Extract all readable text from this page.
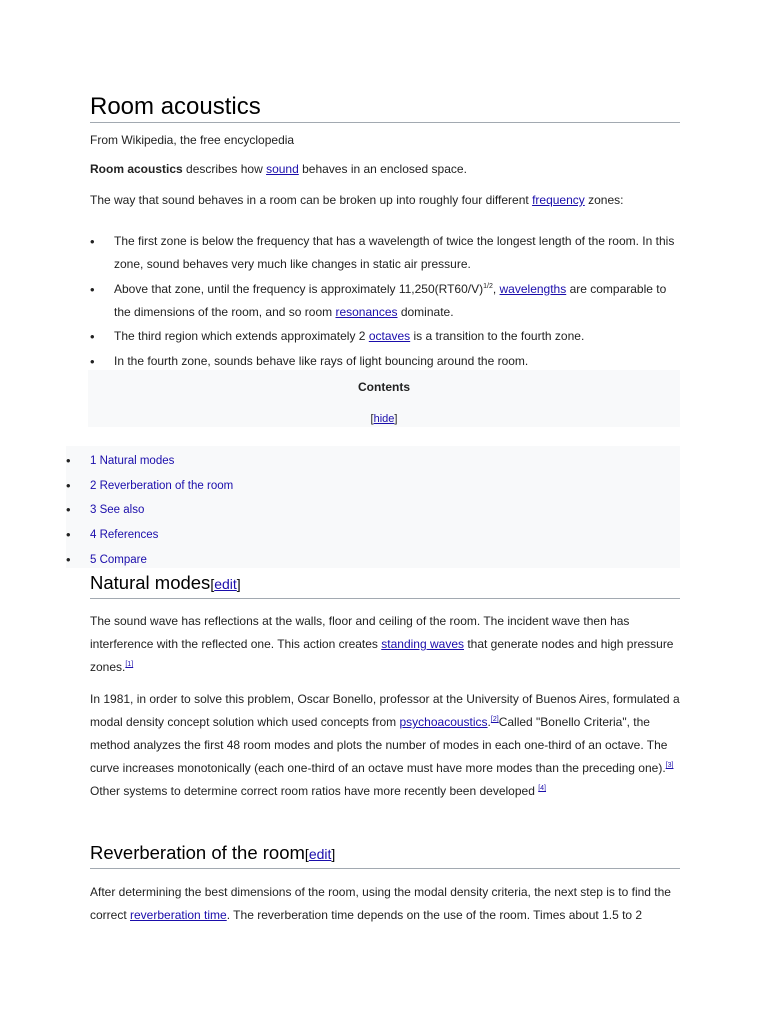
Room acoustics
From Wikipedia, the free encyclopedia

Room acoustics describes how sound behaves in an enclosed space.

The way that sound behaves in a room can be broken up into roughly four different frequency zones:

• The first zone is below the frequency that has a wavelength of twice the longest length of the room. In this zone, sound behaves very much like changes in static air pressure.
• Above that zone, until the frequency is approximately $11,250(RT60/V)^{1/2}$, wavelengths are comparable to the dimensions of the room, and so room resonances dominate.
• The third region which extends approximately 2 octaves is a transition to the fourth zone.
• In the fourth zone, sounds behave like rays of light bouncing around the room.
Contents
[hide]
• 1 Natural modes
• 2 Reverberation of the room
• 3 See also
• 4 References
• 5 Compare
Natural modes[edit]

The sound wave has reflections at the walls, floor and ceiling of the room. The incident wave then has interference with the reflected one. This action creates standing waves that generate nodes and high pressure zones.[1]

In 1981, in order to solve this problem, Oscar Bonello, professor at the University of Buenos Aires, formulated a modal density concept solution which used concepts from psychoacoustics.[2]Called "Bonello Criteria", the method analyzes the first 48 room modes and plots the number of modes in each one-third of an octave. The curve increases monotonically (each one-third of an octave must have more modes than the preceding one).[3] Other systems to determine correct room ratios have more recently been developed [4]

Reverberation of the room[edit]

After determining the best dimensions of the room, using the modal density criteria, the next step is to find the correct reverberation time. The reverberation time depends on the use of the room. Times about 1.5 to 2
